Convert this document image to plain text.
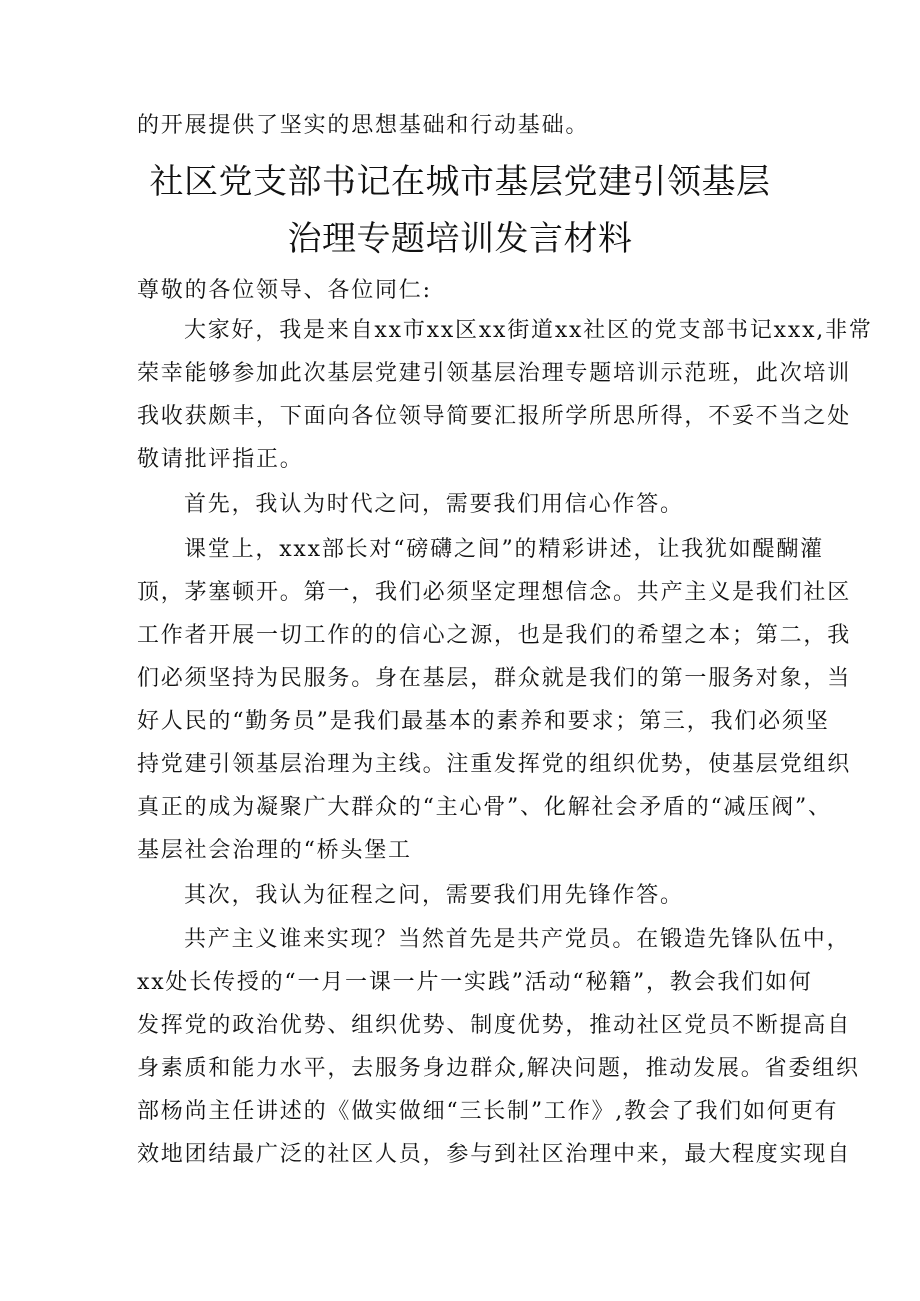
的开展提供了坚实的思想基础和行动基础。
社区党支部书记在城市基层党建引领基层
治理专题培训发言材料
尊敬的各位领导、各位同仁:
大家好，我是来自xx市xx区xx街道xx社区的党支部书记xxx,非常
荣幸能够参加此次基层党建引领基层治理专题培训示范班，此次培训
我收获颇丰，下面向各位领导简要汇报所学所思所得，不妥不当之处
敬请批评指正。
首先，我认为时代之问，需要我们用信心作答。
课堂上，xxx部长对“磅礴之间”的精彩讲述，让我犹如醍醐灌
顶，茅塞顿开。第一，我们必须坚定理想信念。共产主义是我们社区
工作者开展一切工作的的信心之源，也是我们的希望之本；第二，我
们必须坚持为民服务。身在基层，群众就是我们的第一服务对象，当
好人民的“勤务员”是我们最基本的素养和要求；第三，我们必须坚
持党建引领基层治理为主线。注重发挥党的组织优势，使基层党组织
真正的成为凝聚广大群众的“主心骨”、化解社会矛盾的“减压阀”、
基层社会治理的“桥头堡工
其次，我认为征程之问，需要我们用先锋作答。
共产主义谁来实现？当然首先是共产党员。在锻造先锋队伍中，
xx处长传授的“一月一课一片一实践”活动“秘籍”，教会我们如何
发挥党的政治优势、组织优势、制度优势，推动社区党员不断提高自
身素质和能力水平，去服务身边群众,解决问题，推动发展。省委组织
部杨尚主任讲述的《做实做细“三长制”工作》,教会了我们如何更有
效地团结最广泛的社区人员，参与到社区治理中来，最大程度实现自
